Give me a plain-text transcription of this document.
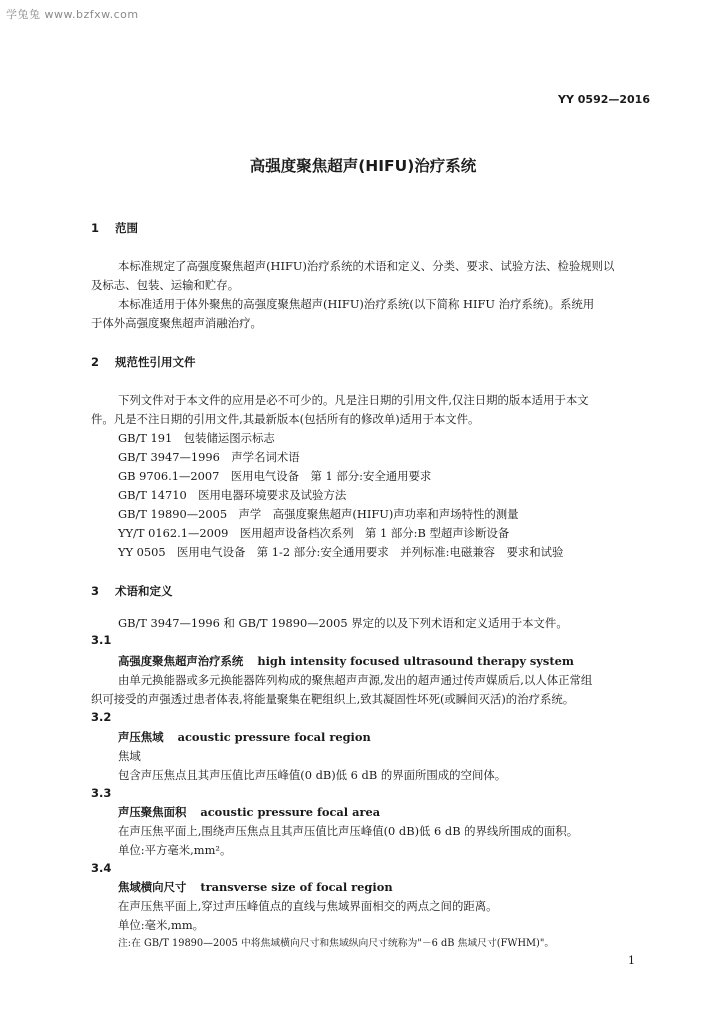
学兔兔 www.bzfxw.com
YY 0592—2016
高强度聚焦超声(HIFU)治疗系统
1 范围
本标准规定了高强度聚焦超声(HIFU)治疗系统的术语和定义、分类、要求、试验方法、检验规则以
及标志、包装、运输和贮存。
本标准适用于体外聚焦的高强度聚焦超声(HIFU)治疗系统(以下简称 HIFU 治疗系统)。系统用
于体外高强度聚焦超声消融治疗。
2 规范性引用文件
下列文件对于本文件的应用是必不可少的。凡是注日期的引用文件,仅注日期的版本适用于本文
件。凡是不注日期的引用文件,其最新版本(包括所有的修改单)适用于本文件。
GB/T 191　包装储运图示标志
GB/T 3947—1996　声学名词术语
GB 9706.1—2007　医用电气设备　第 1 部分:安全通用要求
GB/T 14710　医用电器环境要求及试验方法
GB/T 19890—2005　声学　高强度聚焦超声(HIFU)声功率和声场特性的测量
YY/T 0162.1—2009　医用超声设备档次系列　第 1 部分:B 型超声诊断设备
YY 0505　医用电气设备　第 1-2 部分:安全通用要求　并列标准:电磁兼容　要求和试验
3 术语和定义
GB/T 3947—1996 和 GB/T 19890—2005 界定的以及下列术语和定义适用于本文件。
3.1
高强度聚焦超声治疗系统 high intensity focused ultrasound therapy system
由单元换能器或多元换能器阵列构成的聚焦超声声源,发出的超声通过传声媒质后,以人体正常组
织可接受的声强透过患者体表,将能量聚集在靶组织上,致其凝固性坏死(或瞬间灭活)的治疗系统。
3.2
声压焦域 acoustic pressure focal region
焦域
包含声压焦点且其声压值比声压峰值(0 dB)低 6 dB 的界面所围成的空间体。
3.3
声压聚焦面积 acoustic pressure focal area
在声压焦平面上,围绕声压焦点且其声压值比声压峰值(0 dB)低 6 dB 的界线所围成的面积。
单位:平方毫米,mm²。
3.4
焦域横向尺寸 transverse size of focal region
在声压焦平面上,穿过声压峰值点的直线与焦域界面相交的两点之间的距离。
单位:毫米,mm。
注:在 GB/T 19890—2005 中将焦域横向尺寸和焦域纵向尺寸统称为"－6 dB 焦域尺寸(FWHM)"。
1
